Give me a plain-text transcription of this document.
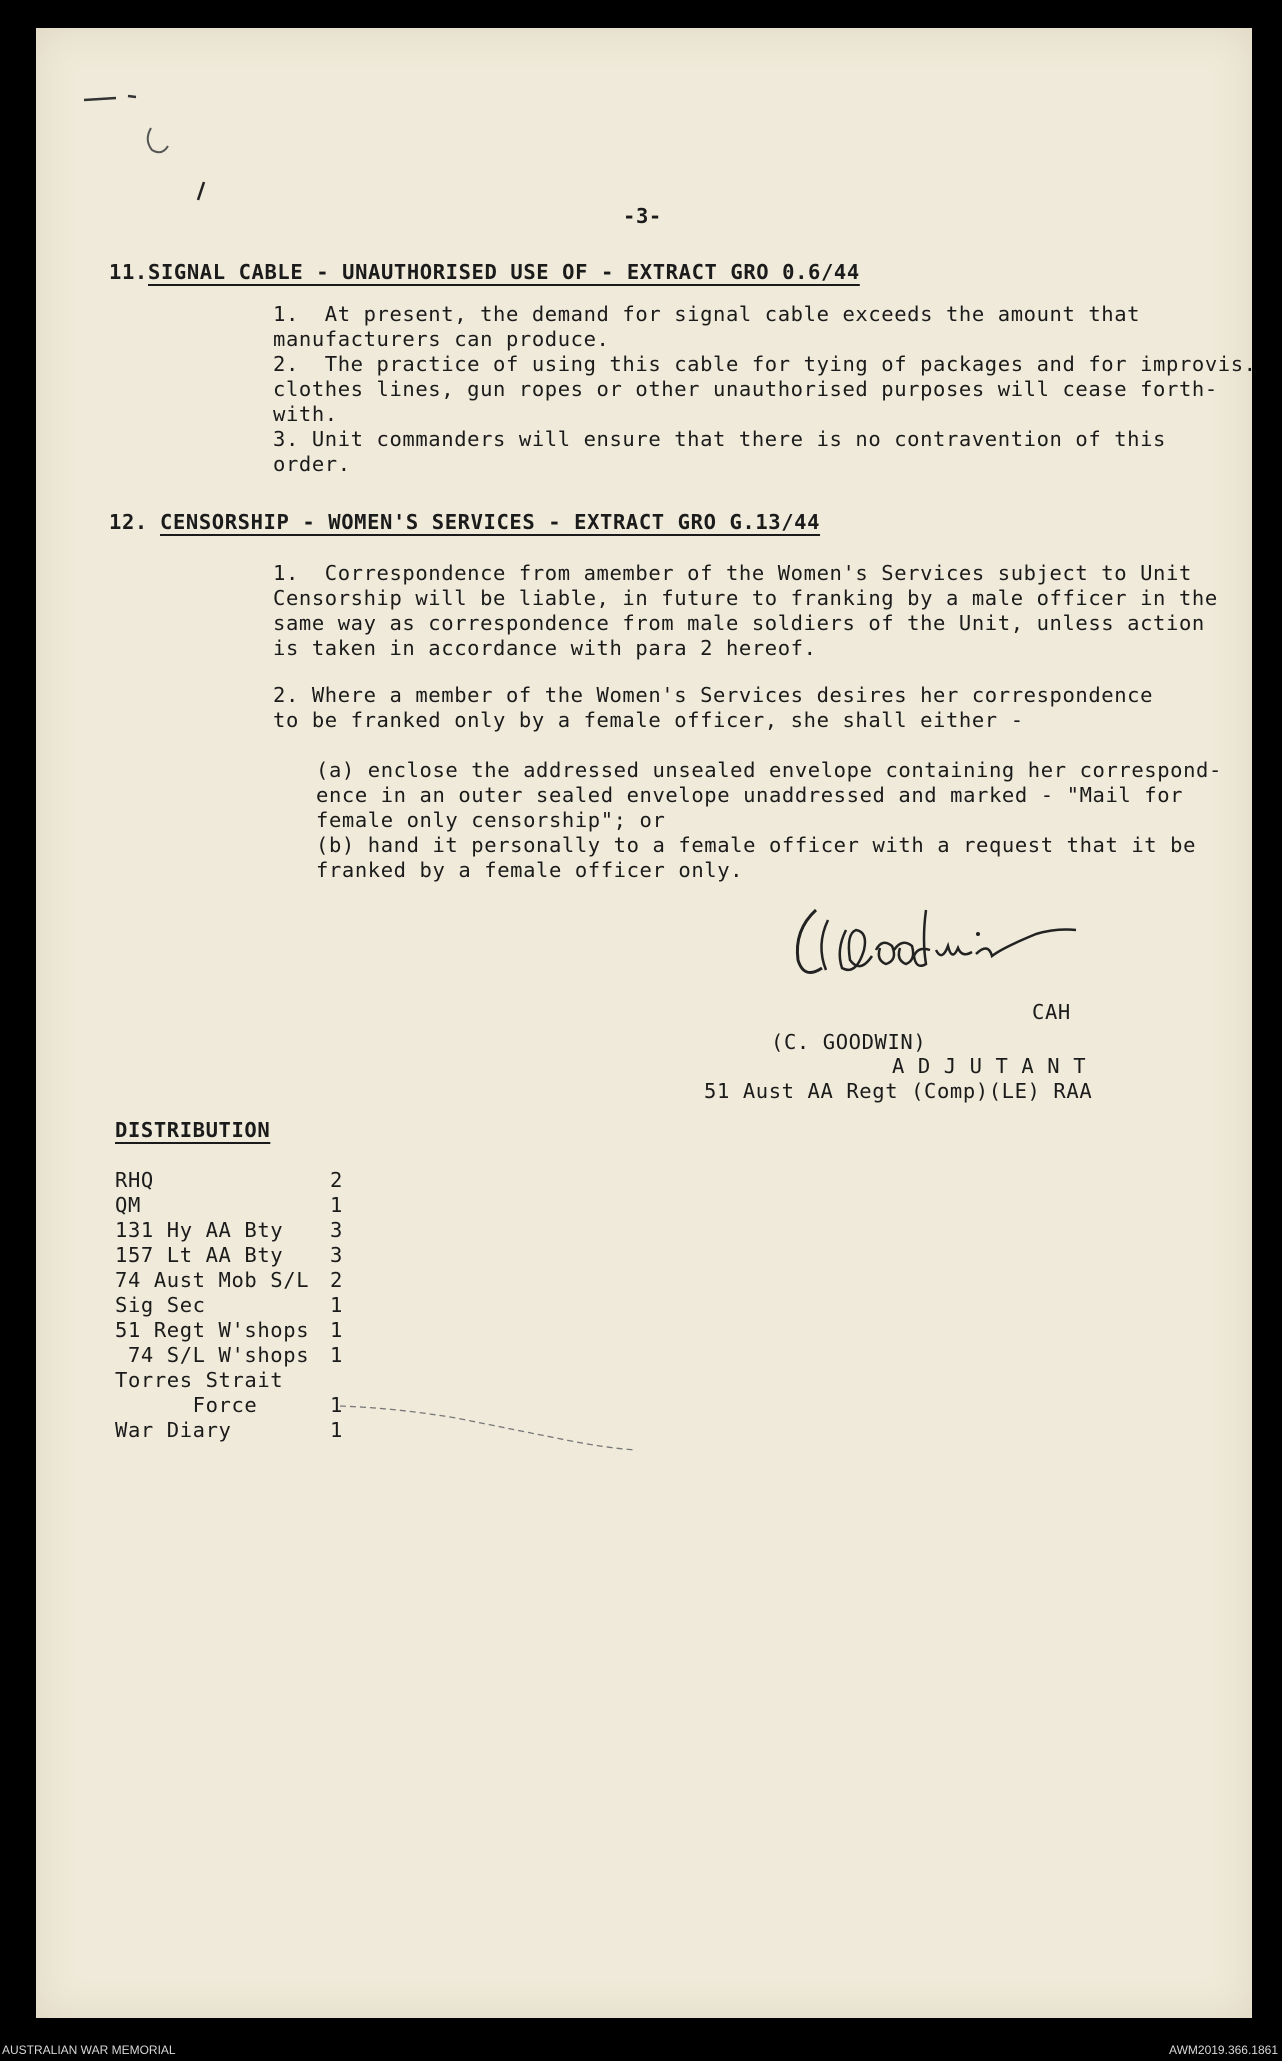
-3-
11. SIGNAL CABLE - UNAUTHORISED USE OF - EXTRACT GRO 0.6/44
1.  At present, the demand for signal cable exceeds the amount that
manufacturers can produce.
2.  The practice of using this cable for tying of packages and for improvis.
clothes lines, gun ropes or other unauthorised purposes will cease forth-
with.
3. Unit commanders will ensure that there is no contravention of this
order.
12. CENSORSHIP - WOMEN'S SERVICES - EXTRACT GRO G.13/44
1.  Correspondence from amember of the Women's Services subject to Unit
Censorship will be liable, in future to franking by a male officer in the
same way as correspondence from male soldiers of the Unit, unless action
is taken in accordance with para 2 hereof.
2. Where a member of the Women's Services desires her correspondence
to be franked only by a female officer, she shall either -
(a) enclose the addressed unsealed envelope containing her correspond-
ence in an outer sealed envelope unaddressed and marked - "Mail for
female only censorship"; or
(b) hand it personally to a female officer with a request that it be
franked by a female officer only.
CAH
(C. GOODWIN)
A D J U T A N T
51 Aust AA Regt (Comp)(LE) RAA
DISTRIBUTION
RHQ	2
QM	1
131 Hy AA Bty 3
157 Lt AA Bty 3
74 Aust Mob S/L 2
Sig Sec	1
51 Regt W'shops 1
74 S/L W'shops 1
Torres Strait
Force	1
War Diary	1
AUSTRALIAN WAR MEMORIAL	AWM2019.366.1861
